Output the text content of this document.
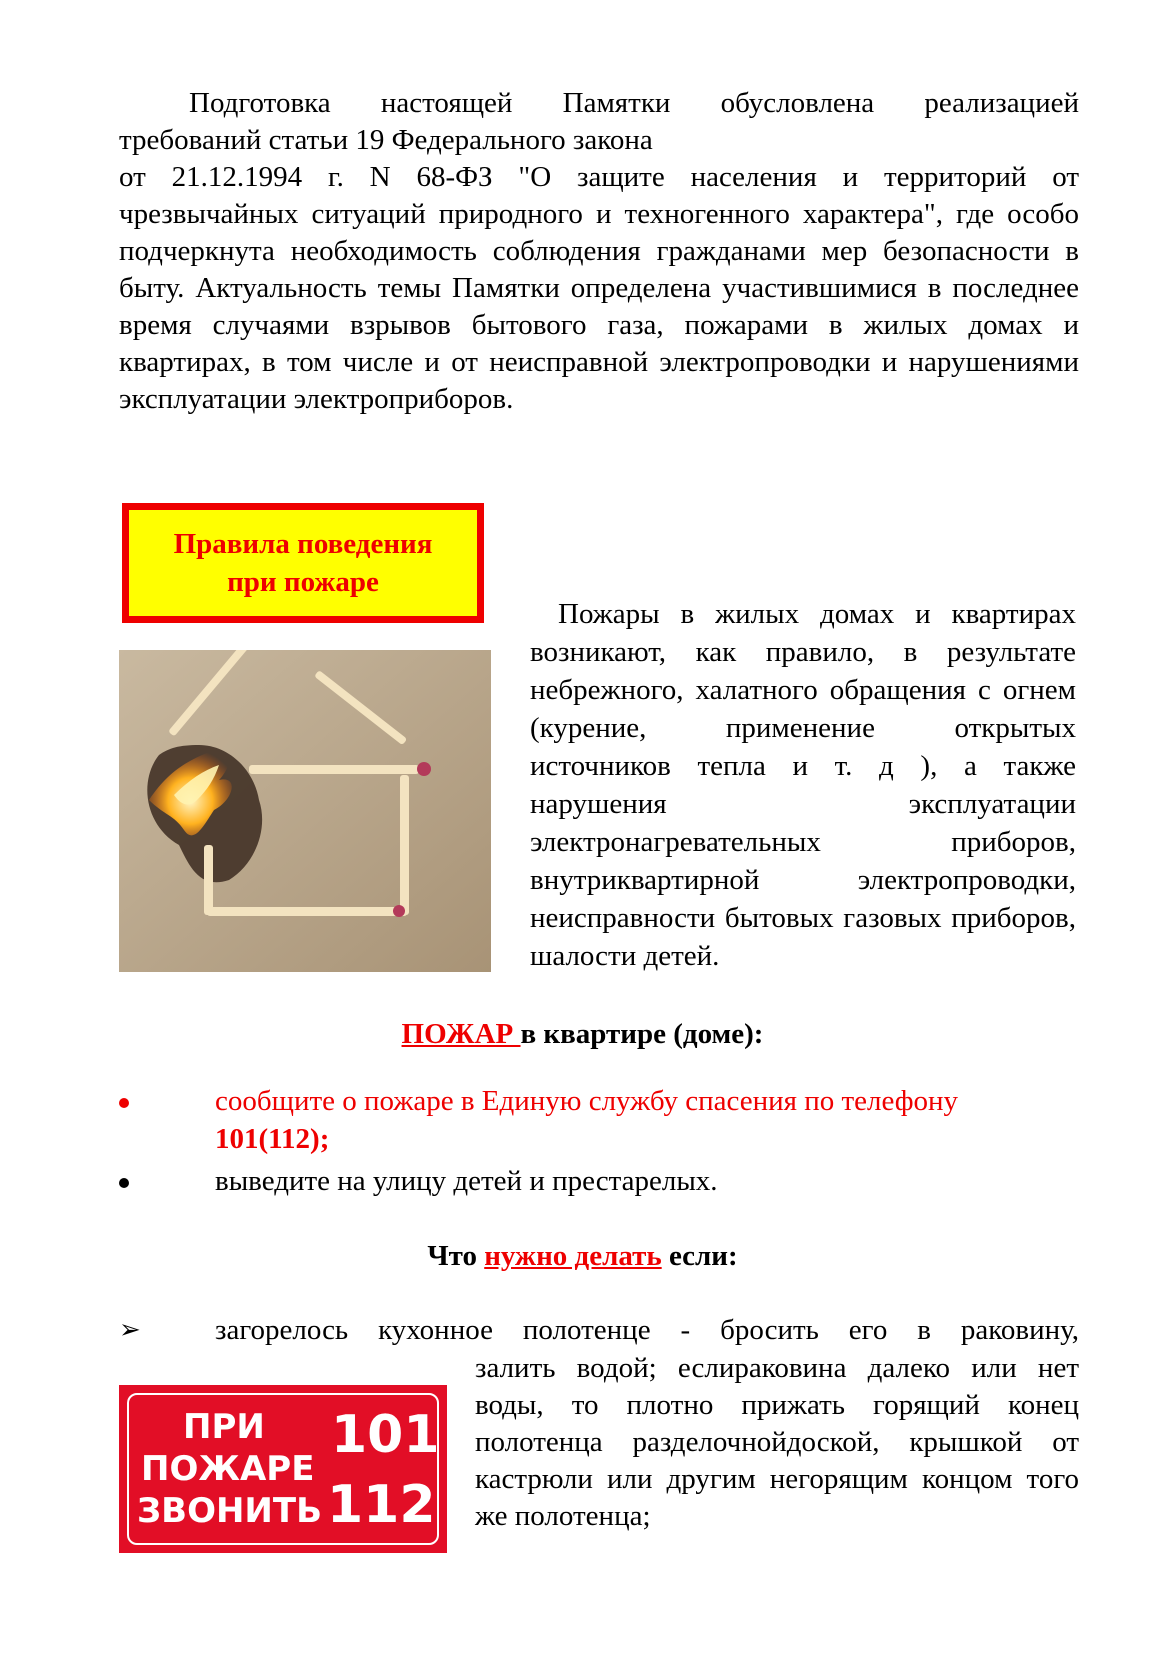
Подготовка настоящей Памятки обусловлена реализацией
требований статьи 19 Федерального закона
от 21.12.1994 г. N 68-ФЗ "О защите населения и территорий от чрезвычайных ситуаций природного и техногенного характера", где особо подчеркнута необходимость соблюдения гражданами мер безопасности в быту. Актуальность темы Памятки определена участившимися в последнее время случаями взрывов бытового газа, пожарами в жилых домах и квартирах, в том числе и от неисправной электропроводки и нарушениями эксплуатации электроприборов.

Правила поведения
при пожаре

Пожары в жилых домах и квартирах возникают, как правило, в результате небрежного, халатного обращения с огнем (курение, применение открытых источников тепла и т. д ), а также нарушения эксплуатации электронагревательных приборов, внутриквартирной электропроводки, неисправности бытовых газовых приборов, шалости детей.

ПОЖАР в квартире (доме):

сообщите о пожаре в Единую службу спасения по телефону
101(112);
выведите на улицу детей и престарелых.

Что нужно делать если:

➢	загорелось кухонное полотенце - бросить его в раковину,

залить водой; еслираковина далеко или нет воды, то плотно прижать горящий конец полотенца разделочнойдоской, крышкой от кастрюли или другим негорящим концом того же полотенца;

ПРИ
ПОЖАРЕ
ЗВОНИТЬ
101
112
